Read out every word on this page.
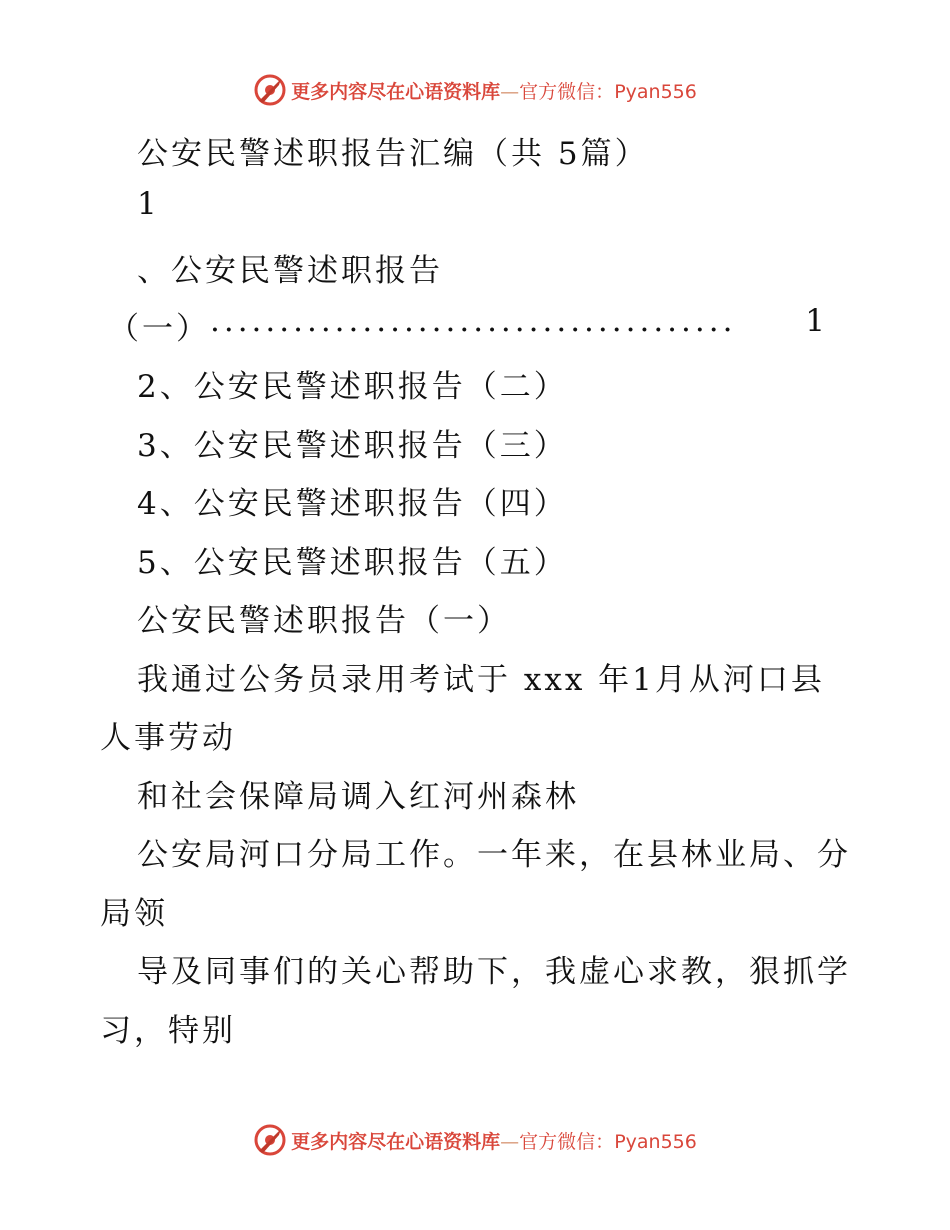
更多内容尽在心语资料库—官方微信：Pyan556
公安民警述职报告汇编（共 5篇）
1
、公安民警述职报告
（一） ......................................	1
2、公安民警述职报告（二）
3、公安民警述职报告（三）
4、公安民警述职报告（四）
5、公安民警述职报告（五）
公安民警述职报告（一）
我通过公务员录用考试于 xxx 年1月从河口县
人事劳动
和社会保障局调入红河州森林
公安局河口分局工作。一年来，在县林业局、分
局领
导及同事们的关心帮助下，我虚心求教，狠抓学
习，特别
更多内容尽在心语资料库—官方微信：Pyan556
